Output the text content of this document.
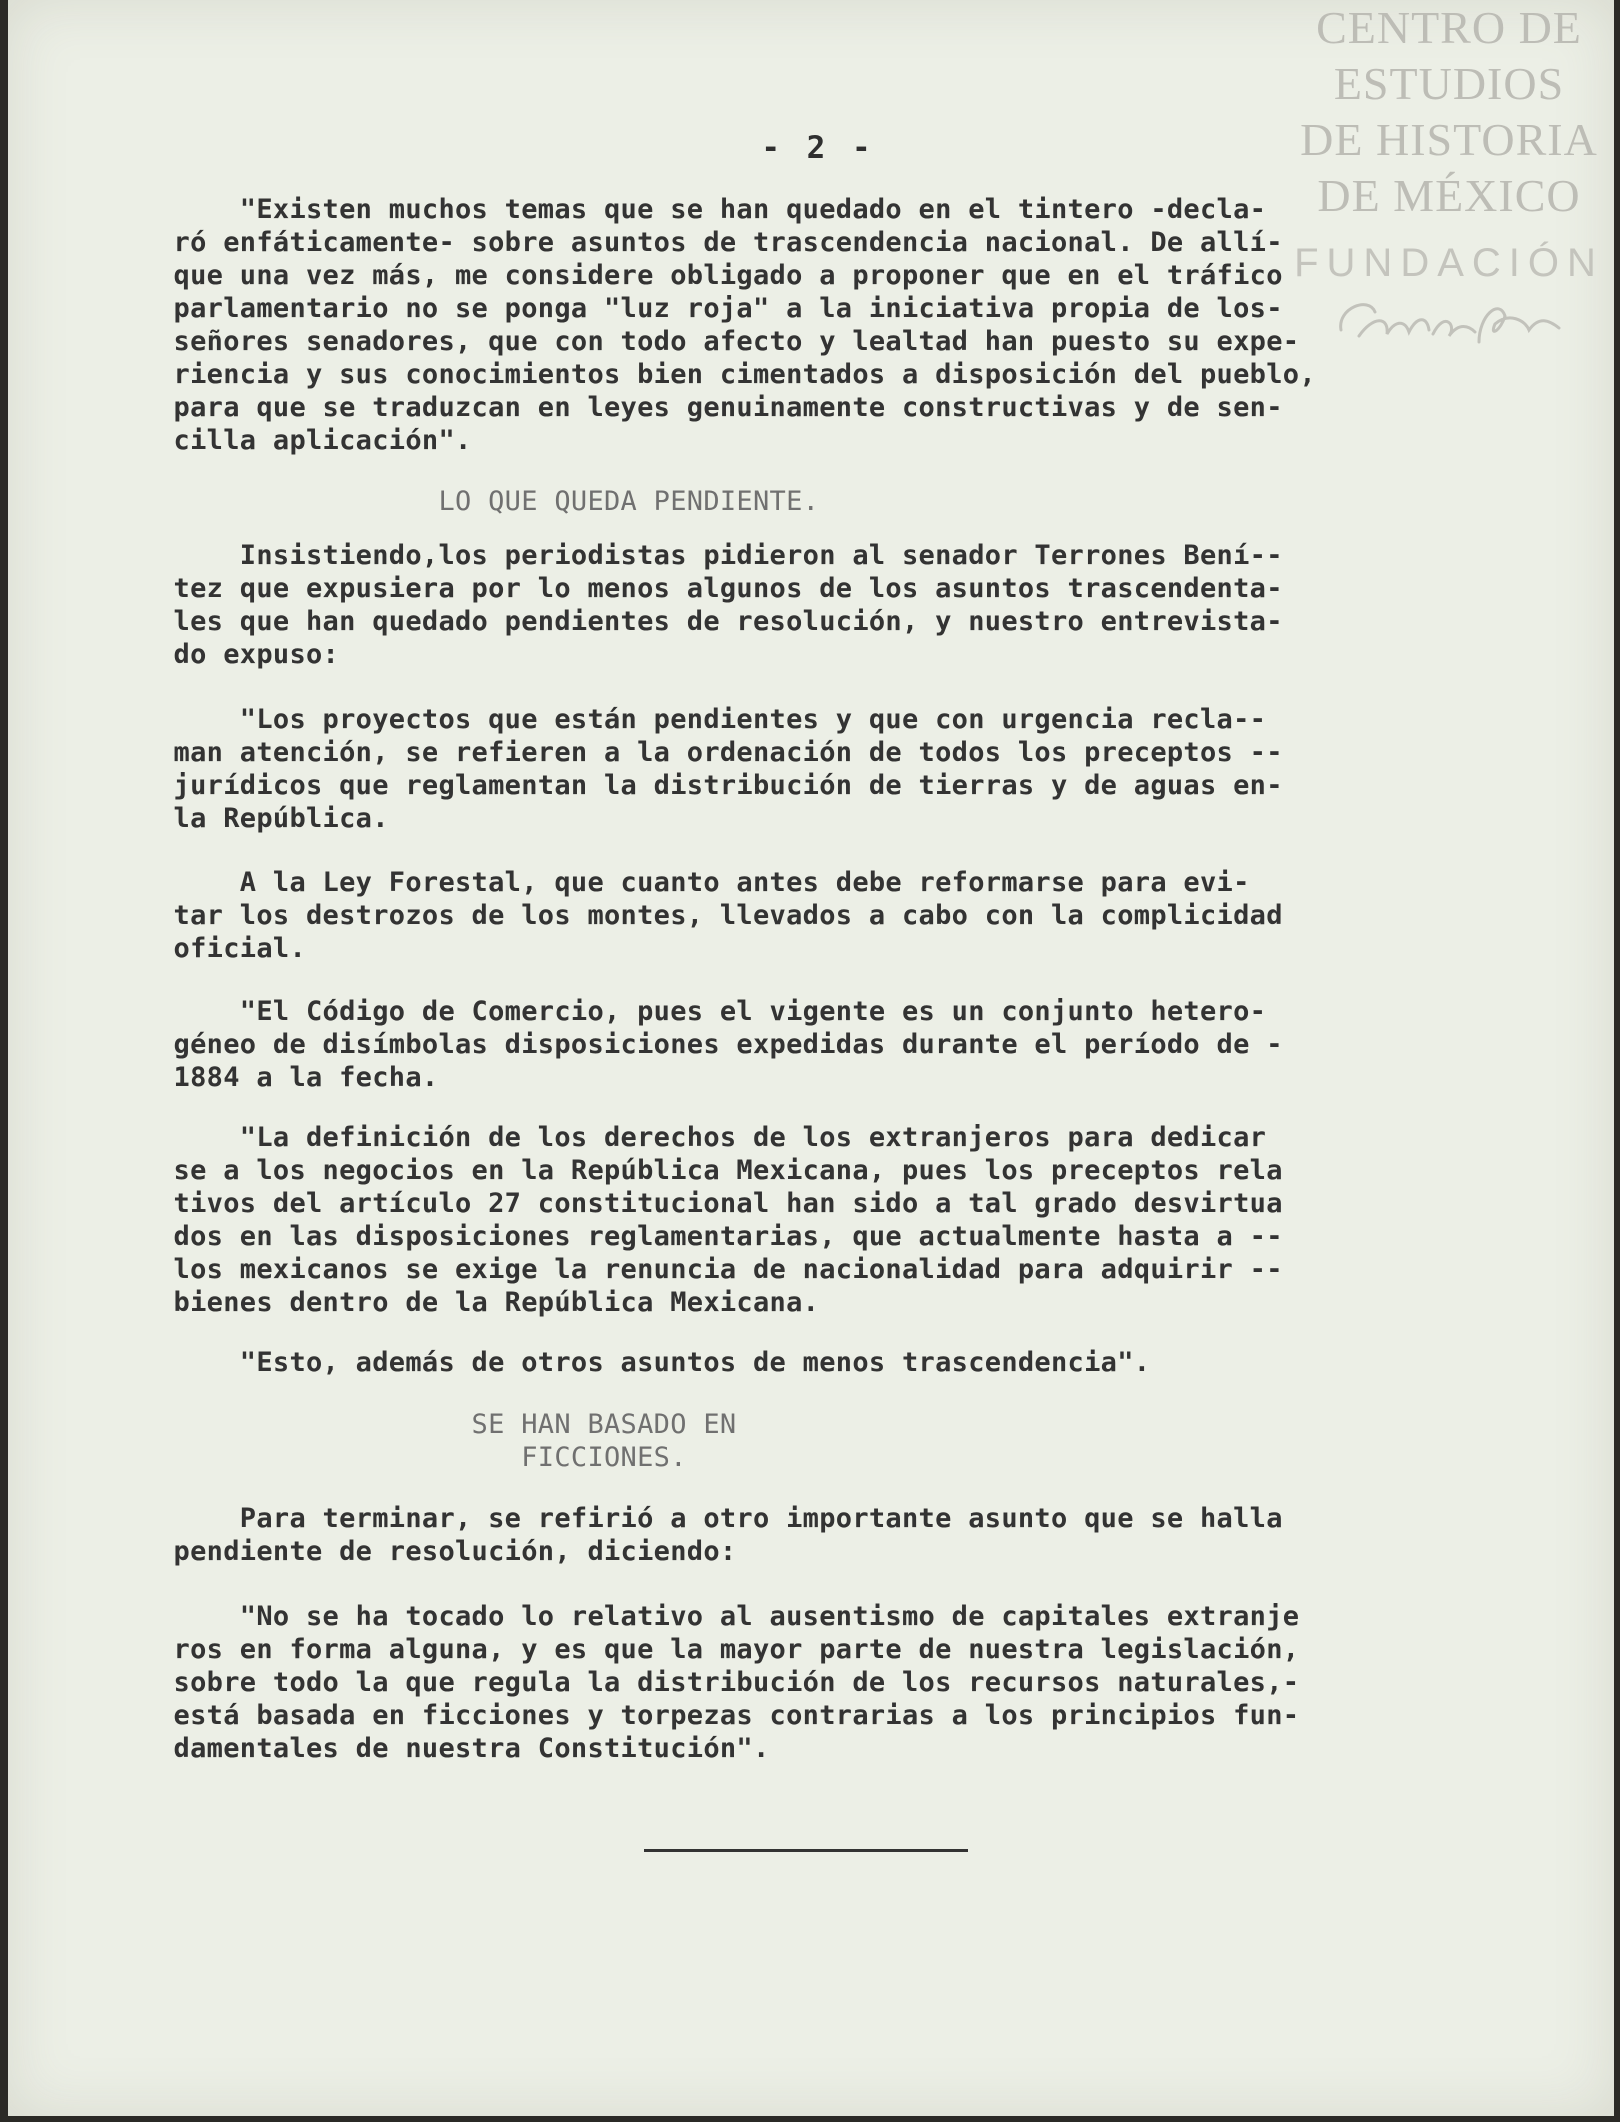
CENTRO DE
ESTUDIOS
DE HISTORIA
DE MÉXICO
FUNDACIÓN
- 2 -

"Existen muchos temas que se han quedado en el tintero -decla-
ró enfáticamente- sobre asuntos de trascendencia nacional. De allí-
que una vez más, me considere obligado a proponer que en el tráfico
parlamentario no se ponga "luz roja" a la iniciativa propia de los-
señores senadores, que con todo afecto y lealtad han puesto su expe-
riencia y sus conocimientos bien cimentados a disposición del pueblo,
para que se traduzcan en leyes genuinamente constructivas y de sen-
cilla aplicación".

LO QUE QUEDA PENDIENTE.

Insistiendo,los periodistas pidieron al senador Terrones Bení--
tez que expusiera por lo menos algunos de los asuntos trascendenta-
les que han quedado pendientes de resolución, y nuestro entrevista-
do expuso:

"Los proyectos que están pendientes y que con urgencia recla--
man atención, se refieren a la ordenación de todos los preceptos --
jurídicos que reglamentan la distribución de tierras y de aguas en-
la República.

A la Ley Forestal, que cuanto antes debe reformarse para evi-
tar los destrozos de los montes, llevados a cabo con la complicidad
oficial.

"El Código de Comercio, pues el vigente es un conjunto hetero-
géneo de disímbolas disposiciones expedidas durante el período de -
1884 a la fecha.

"La definición de los derechos de los extranjeros para dedicar
se a los negocios en la República Mexicana, pues los preceptos rela
tivos del artículo 27 constitucional han sido a tal grado desvirtua
dos en las disposiciones reglamentarias, que actualmente hasta a --
los mexicanos se exige la renuncia de nacionalidad para adquirir --
bienes dentro de la República Mexicana.

"Esto, además de otros asuntos de menos trascendencia".

SE HAN BASADO EN
FICCIONES.

Para terminar, se refirió a otro importante asunto que se halla
pendiente de resolución, diciendo:

"No se ha tocado lo relativo al ausentismo de capitales extranje
ros en forma alguna, y es que la mayor parte de nuestra legislación,
sobre todo la que regula la distribución de los recursos naturales,-
está basada en ficciones y torpezas contrarias a los principios fun-
damentales de nuestra Constitución".
